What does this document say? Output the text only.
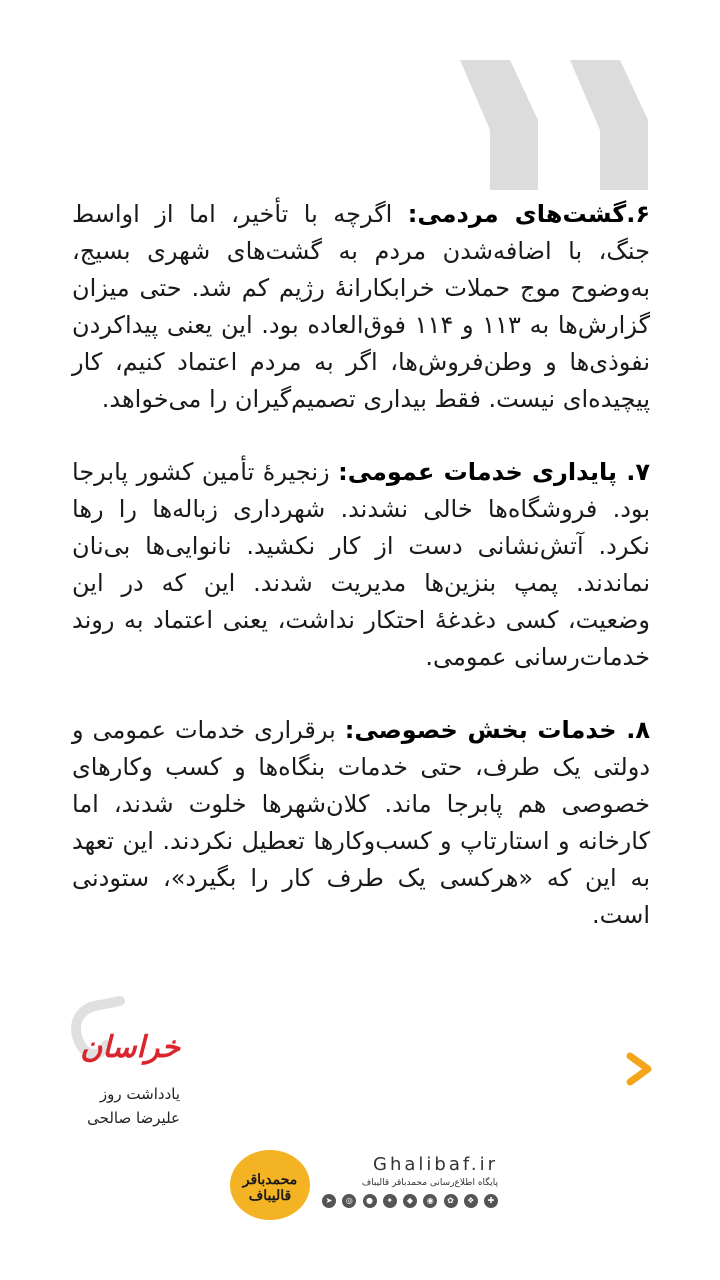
۶.گشت‌های مردمی: اگرچه با تأخیر، اما از اواسط جنگ، با اضافه‌شدن مردم به گشت‌های شهری بسیج، به‌وضوح موج حملات خرابکارانهٔ رژیم کم شد. حتی میزان گزارش‌ها به ۱۱۳ و ۱۱۴ فوق‌العاده بود. این یعنی پیداکردن نفوذی‌ها و وطن‌فروش‌ها، اگر به مردم اعتماد کنیم، کار پیچیده‌ای نیست. فقط بیداری تصمیم‌گیران را می‌خواهد.

۷. پایداری خدمات عمومی: زنجیرهٔ تأمین کشور پابرجا بود. فروشگاه‌ها خالی نشدند. شهرداری زباله‌ها را رها نکرد. آتش‌نشانی دست از کار نکشید. نانوایی‌ها بی‌نان نماندند. پمپ بنزین‌ها مدیریت شدند. این که در این وضعیت، کسی دغدغهٔ احتکار نداشت، یعنی اعتماد به روند خدمات‌رسانی عمومی.

۸. خدمات بخش خصوصی: برقراری خدمات عمومی و دولتی یک طرف، حتی خدمات بنگاه‌ها و کسب وکارهای خصوصی هم پابرجا ماند. کلان‌شهرها خلوت شدند، اما کارخانه و استارتاپ و کسب‌وکارها تعطیل نکردند. این تعهد به این که «هرکسی یک طرف کار را بگیرد»، ستودنی است.

خراسان
یادداشت روز
علیرضا صالحی
محمدباقر قالیباف
Ghalibaf.ir
پایگاه اطلاع‌رسانی محمدباقر قالیباف
➤	◎	●	✦	◆	◉	✿	❖	✚
